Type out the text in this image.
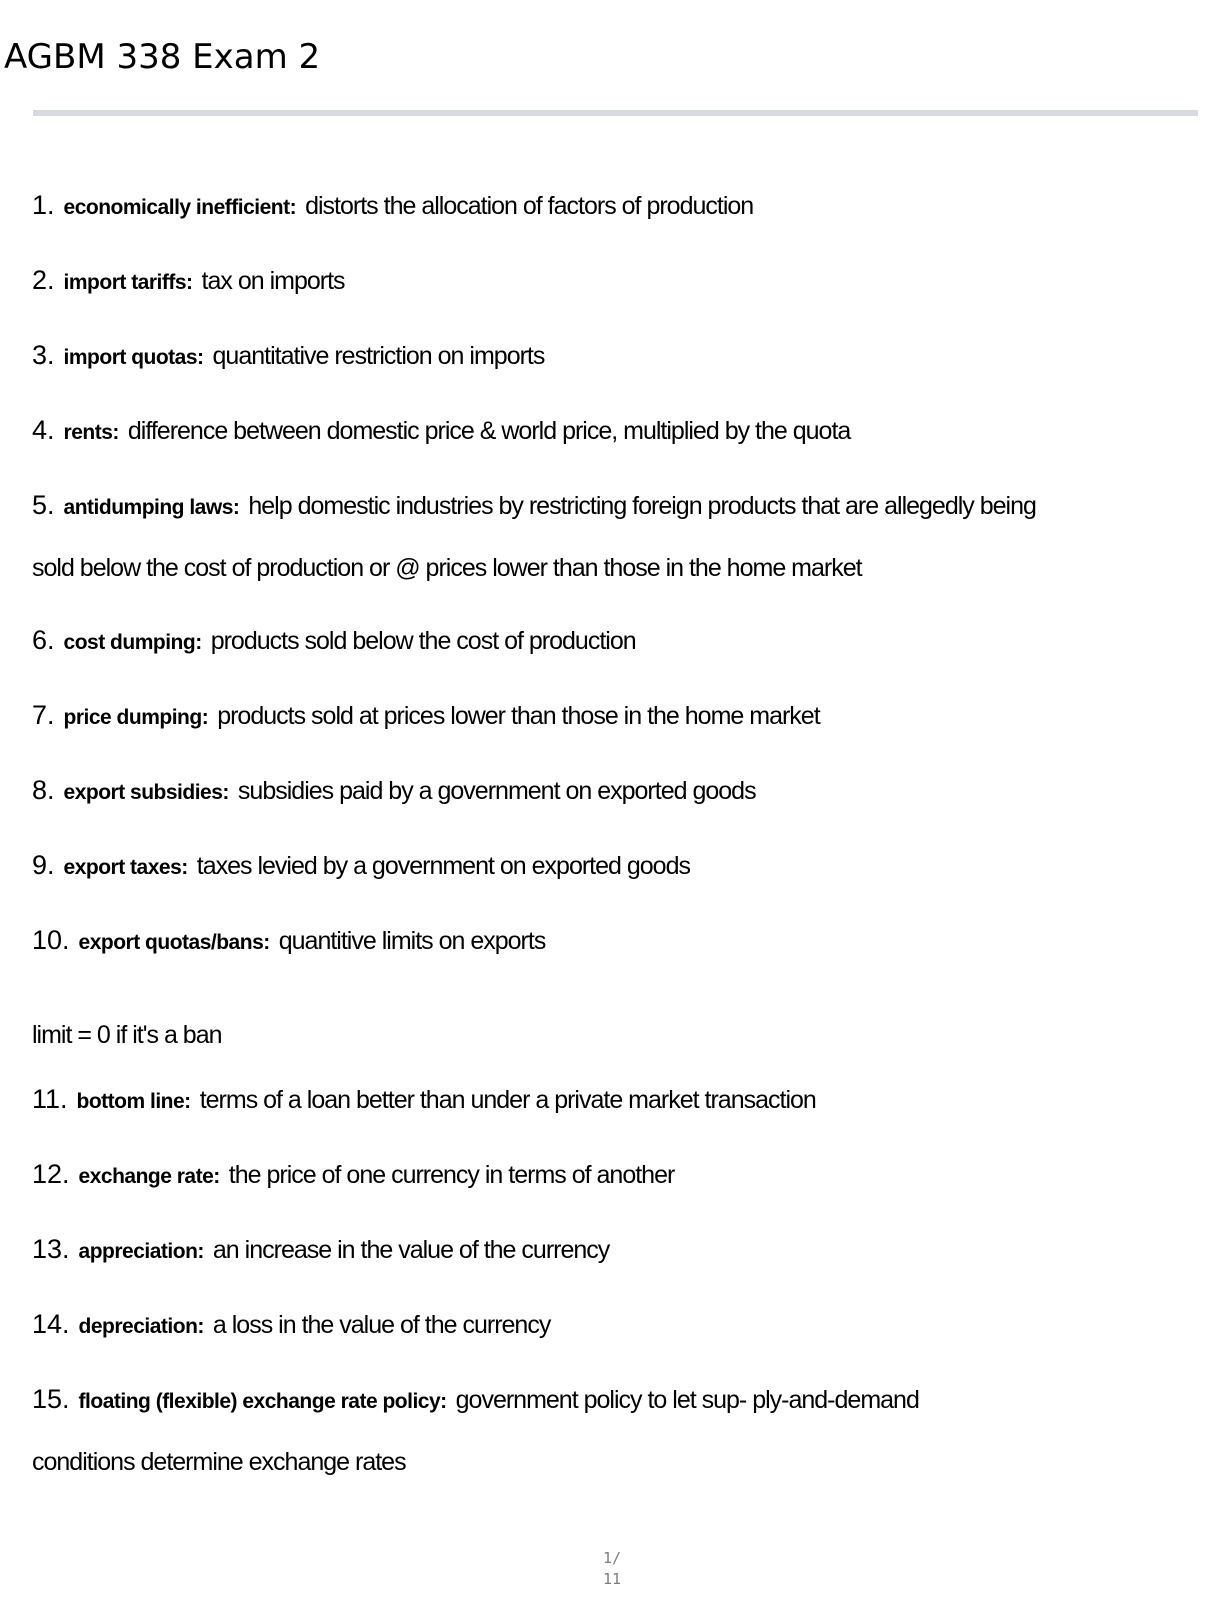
AGBM 338 Exam 2
1. economically inefficient: distorts the allocation of factors of production
2. import tariffs: tax on imports
3. import quotas: quantitative restriction on imports
4. rents: difference between domestic price & world price, multiplied by the quota
5. antidumping laws: help domestic industries by restricting foreign products that are allegedly being
sold below the cost of production or @ prices lower than those in the home market
6. cost dumping: products sold below the cost of production
7. price dumping: products sold at prices lower than those in the home market
8. export subsidies: subsidies paid by a government on exported goods
9. export taxes: taxes levied by a government on exported goods
10. export quotas/bans: quantitive limits on exports
limit = 0 if it's a ban
11. bottom line: terms of a loan better than under a private market transaction
12. exchange rate: the price of one currency in terms of another
13. appreciation: an increase in the value of the currency
14. depreciation: a loss in the value of the currency
15. floating (flexible) exchange rate policy: government policy to let sup- ply-and-demand
conditions determine exchange rates
1/
11
